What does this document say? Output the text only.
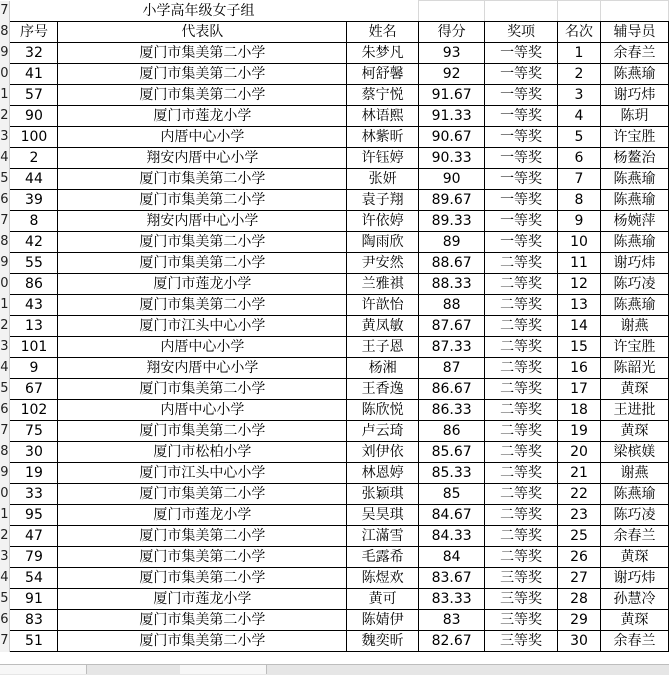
7	小学高年级女子组						
8	序号	代表队	姓名	得分	奖项	名次	辅导员
9	32	厦门市集美第二小学	朱梦凡	93	一等奖	1	余春兰
0	41	厦门市集美第二小学	柯舒馨	92	一等奖	2	陈燕瑜
1	57	厦门市集美第二小学	蔡宁悦	91.67	一等奖	3	谢巧炜
2	90	厦门市莲龙小学	林语熙	91.33	一等奖	4	陈玥
3	100	内厝中心小学	林紫昕	90.67	一等奖	5	许宝胜
4	2	翔安内厝中心小学	许钰婷	90.33	一等奖	6	杨鳌治
5	44	厦门市集美第二小学	张妍	90	一等奖	7	陈燕瑜
6	39	厦门市集美第二小学	袁子翔	89.67	一等奖	8	陈燕瑜
7	8	翔安内厝中心小学	许依婷	89.33	一等奖	9	杨婉萍
8	42	厦门市集美第二小学	陶雨欣	89	一等奖	10	陈燕瑜
9	55	厦门市集美第二小学	尹安然	88.67	二等奖	11	谢巧炜
0	86	厦门市莲龙小学	兰雅祺	88.33	二等奖	12	陈巧凌
1	43	厦门市集美第二小学	许歆怡	88	二等奖	13	陈燕瑜
2	13	厦门市江头中心小学	黄凤敏	87.67	二等奖	14	谢燕
3	101	内厝中心小学	王子恩	87.33	二等奖	15	许宝胜
4	9	翔安内厝中心小学	杨湘	87	二等奖	16	陈韶光
5	67	厦门市集美第二小学	王香逸	86.67	二等奖	17	黄琛
6	102	内厝中心小学	陈欣悦	86.33	二等奖	18	王进批
7	75	厦门市集美第二小学	卢云琦	86	二等奖	19	黄琛
8	30	厦门市松柏小学	刘伊依	85.67	二等奖	20	梁槟媄
9	19	厦门市江头中心小学	林恩婷	85.33	二等奖	21	谢燕
0	33	厦门市集美第二小学	张颖琪	85	二等奖	22	陈燕瑜
1	95	厦门市莲龙小学	吴昊琪	84.67	二等奖	23	陈巧凌
2	47	厦门市集美第二小学	江滿雪	84.33	二等奖	25	余春兰
3	79	厦门市集美第二小学	毛露希	84	二等奖	26	黄琛
4	54	厦门市集美第二小学	陈煜欢	83.67	三等奖	27	谢巧炜
5	91	厦门市莲龙小学	黄可	83.33	三等奖	28	孙慧冷
6	83	厦门市集美第二小学	陈婧伊	83	三等奖	29	黄琛
7	51	厦门市集美第二小学	魏奕昕	82.67	三等奖	30	余春兰
